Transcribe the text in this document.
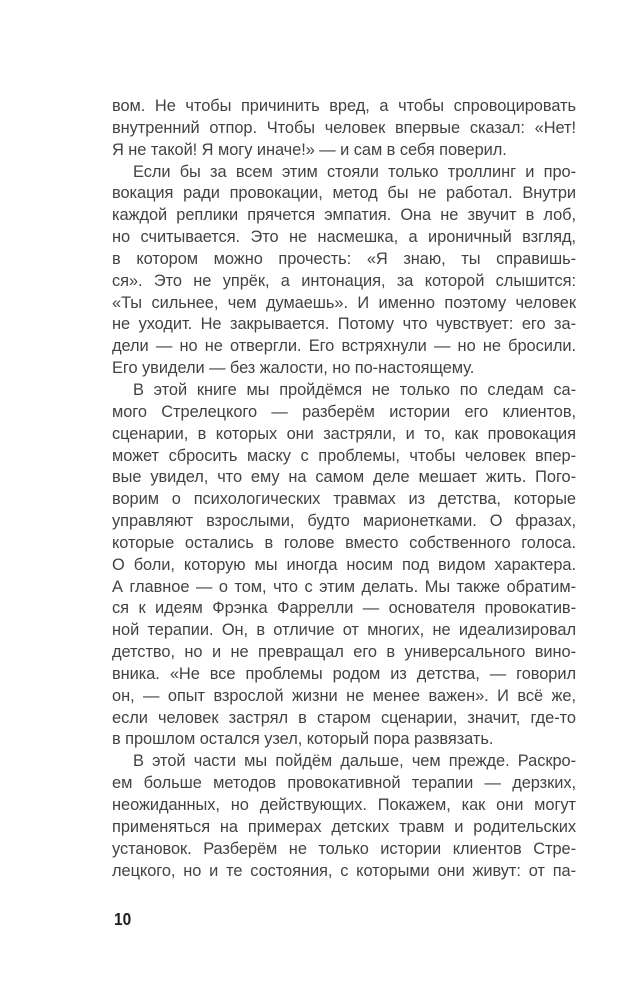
вом. Не чтобы причинить вред, а чтобы спровоцировать
внутренний отпор. Чтобы человек впервые сказал: «Нет!
Я не такой! Я могу иначе!» — и сам в себя поверил.
Если бы за всем этим стояли только троллинг и про-
вокация ради провокации, метод бы не работал. Внутри
каждой реплики прячется эмпатия. Она не звучит в лоб,
но считывается. Это не насмешка, а ироничный взгляд,
в котором можно прочесть: «Я знаю, ты справишь-
ся». Это не упрёк, а интонация, за которой слышится:
«Ты сильнее, чем думаешь». И именно поэтому человек
не уходит. Не закрывается. Потому что чувствует: его за-
дели — но не отвергли. Его встряхнули — но не бросили.
Его увидели — без жалости, но по-настоящему.
В этой книге мы пройдёмся не только по следам са-
мого Стрелецкого — разберём истории его клиентов,
сценарии, в которых они застряли, и то, как провокация
может сбросить маску с проблемы, чтобы человек впер-
вые увидел, что ему на самом деле мешает жить. Пого-
ворим о психологических травмах из детства, которые
управляют взрослыми, будто марионетками. О фразах,
которые остались в голове вместо собственного голоса.
О боли, которую мы иногда носим под видом характера.
А главное — о том, что с этим делать. Мы также обратим-
ся к идеям Фрэнка Фаррелли — основателя провокатив-
ной терапии. Он, в отличие от многих, не идеализировал
детство, но и не превращал его в универсального вино-
вника. «Не все проблемы родом из детства, — говорил
он, — опыт взрослой жизни не менее важен». И всё же,
если человек застрял в старом сценарии, значит, где-то
в прошлом остался узел, который пора развязать.
В этой части мы пойдём дальше, чем прежде. Раскро-
ем больше методов провокативной терапии — дерзких,
неожиданных, но действующих. Покажем, как они могут
применяться на примерах детских травм и родительских
установок. Разберём не только истории клиентов Стре-
лецкого, но и те состояния, с которыми они живут: от па-
10
